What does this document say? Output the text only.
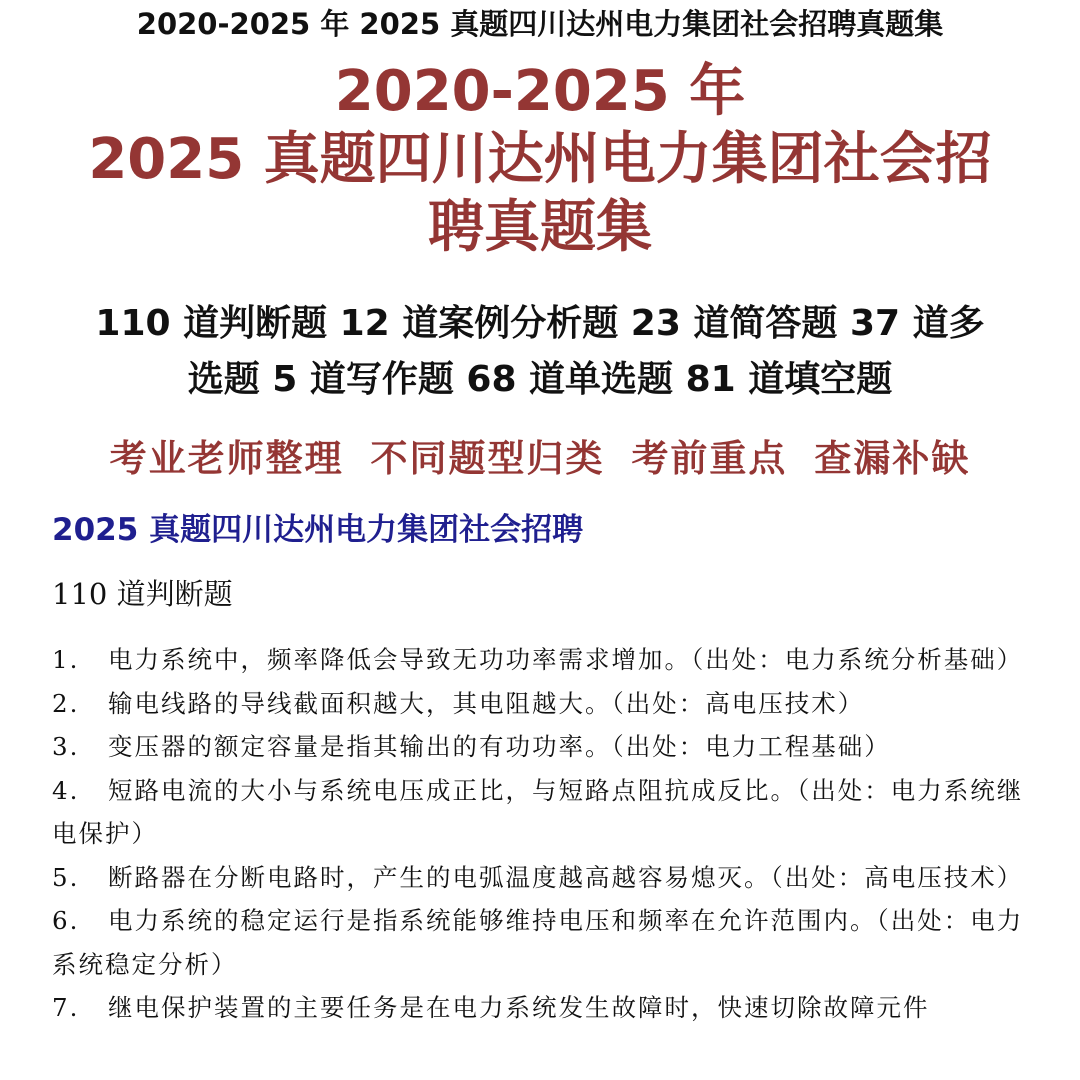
2020-2025 年 2025 真题四川达州电力集团社会招聘真题集
2020-2025 年
2025 真题四川达州电力集团社会招
聘真题集
110 道判断题 12 道案例分析题 23 道简答题 37 道多
选题 5 道写作题 68 道单选题 81 道填空题
考业老师整理 不同题型归类 考前重点 查漏补缺
2025 真题四川达州电力集团社会招聘
110 道判断题
1. 电力系统中，频率降低会导致无功功率需求增加。（出处：电力系统分析基础）
2. 输电线路的导线截面积越大，其电阻越大。（出处：高电压技术）
3. 变压器的额定容量是指其输出的有功功率。（出处：电力工程基础）
4. 短路电流的大小与系统电压成正比，与短路点阻抗成反比。（出处：电力系统继电保护）
5. 断路器在分断电路时，产生的电弧温度越高越容易熄灭。（出处：高电压技术）
6. 电力系统的稳定运行是指系统能够维持电压和频率在允许范围内。（出处：电力系统稳定分析）
7. 继电保护装置的主要任务是在电力系统发生故障时，快速切除故障元件
